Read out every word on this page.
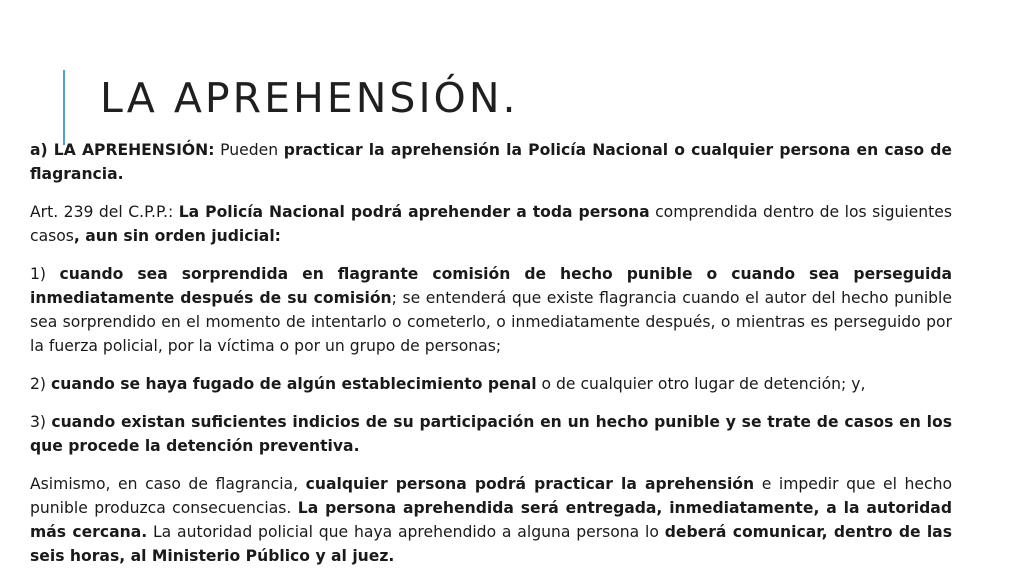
LA APREHENSIÓN.

a) LA APREHENSIÓN: Pueden practicar la aprehensión la Policía Nacional o cualquier persona en caso de flagrancia.

Art. 239 del C.P.P.: La Policía Nacional podrá aprehender a toda persona comprendida dentro de los siguientes casos, aun sin orden judicial:

1) cuando sea sorprendida en flagrante comisión de hecho punible o cuando sea perseguida inmediatamente después de su comisión; se entenderá que existe flagrancia cuando el autor del hecho punible sea sorprendido en el momento de intentarlo o cometerlo, o inmediatamente después, o mientras es perseguido por la fuerza policial, por la víctima o por un grupo de personas;

2) cuando se haya fugado de algún establecimiento penal o de cualquier otro lugar de detención; y,

3) cuando existan suficientes indicios de su participación en un hecho punible y se trate de casos en los que procede la detención preventiva.

Asimismo, en caso de flagrancia, cualquier persona podrá practicar la aprehensión e impedir que el hecho punible produzca consecuencias. La persona aprehendida será entregada, inmediatamente, a la autoridad más cercana. La autoridad policial que haya aprehendido a alguna persona lo deberá comunicar, dentro de las seis horas, al Ministerio Público y al juez.
